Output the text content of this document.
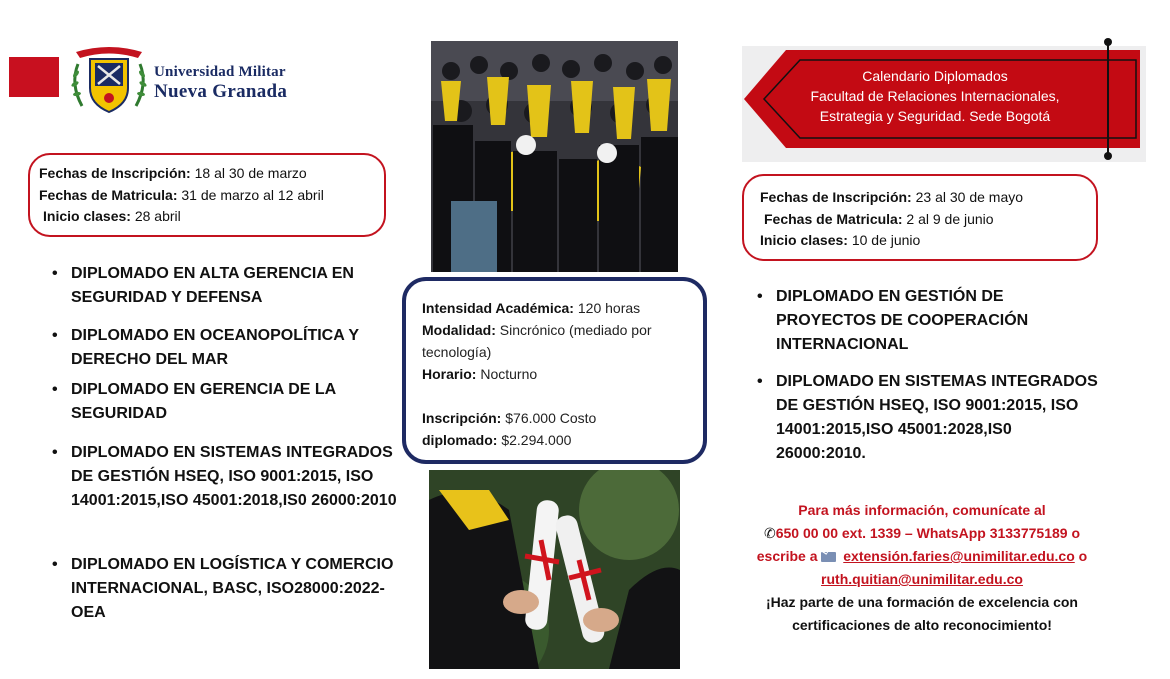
Universidad Militar
Nueva Granada
Fechas de Inscripción: 18 al 30 de marzo
Fechas de Matricula: 31 de marzo al 12 abril
Inicio clases: 28 abril
• DIPLOMADO EN ALTA GERENCIA EN SEGURIDAD Y DEFENSA
• DIPLOMADO EN OCEANOPOLÍTICA Y DERECHO DEL MAR
• DIPLOMADO EN GERENCIA DE LA SEGURIDAD
• DIPLOMADO EN SISTEMAS INTEGRADOS DE GESTIÓN HSEQ, ISO 9001:2015, ISO 14001:2015,ISO 45001:2018,IS0 26000:2010
• DIPLOMADO EN LOGÍSTICA Y COMERCIO INTERNACIONAL, BASC, ISO28000:2022- OEA
Intensidad Académica: 120 horas
Modalidad: Sincrónico (mediado por tecnología)
Horario: Nocturno
Inscripción: $76.000 Costo
diplomado: $2.294.000
Calendario Diplomados
Facultad de Relaciones Internacionales,
Estrategia y Seguridad. Sede Bogotá
Fechas de Inscripción: 23 al 30 de mayo
Fechas de Matricula: 2 al 9 de junio
Inicio clases: 10 de junio
• DIPLOMADO EN GESTIÓN DE PROYECTOS DE COOPERACIÓN INTERNACIONAL
• DIPLOMADO EN SISTEMAS INTEGRADOS DE GESTIÓN HSEQ, ISO 9001:2015, ISO 14001:2015,ISO 45001:2028,IS0 26000:2010.
Para más información, comunícate al
✆650 00 00 ext. 1339 – WhatsApp 3133775189 o
escribe a extensión.faries@unimilitar.edu.co o
ruth.quitian@unimilitar.edu.co
¡Haz parte de una formación de excelencia con
certificaciones de alto reconocimiento!
